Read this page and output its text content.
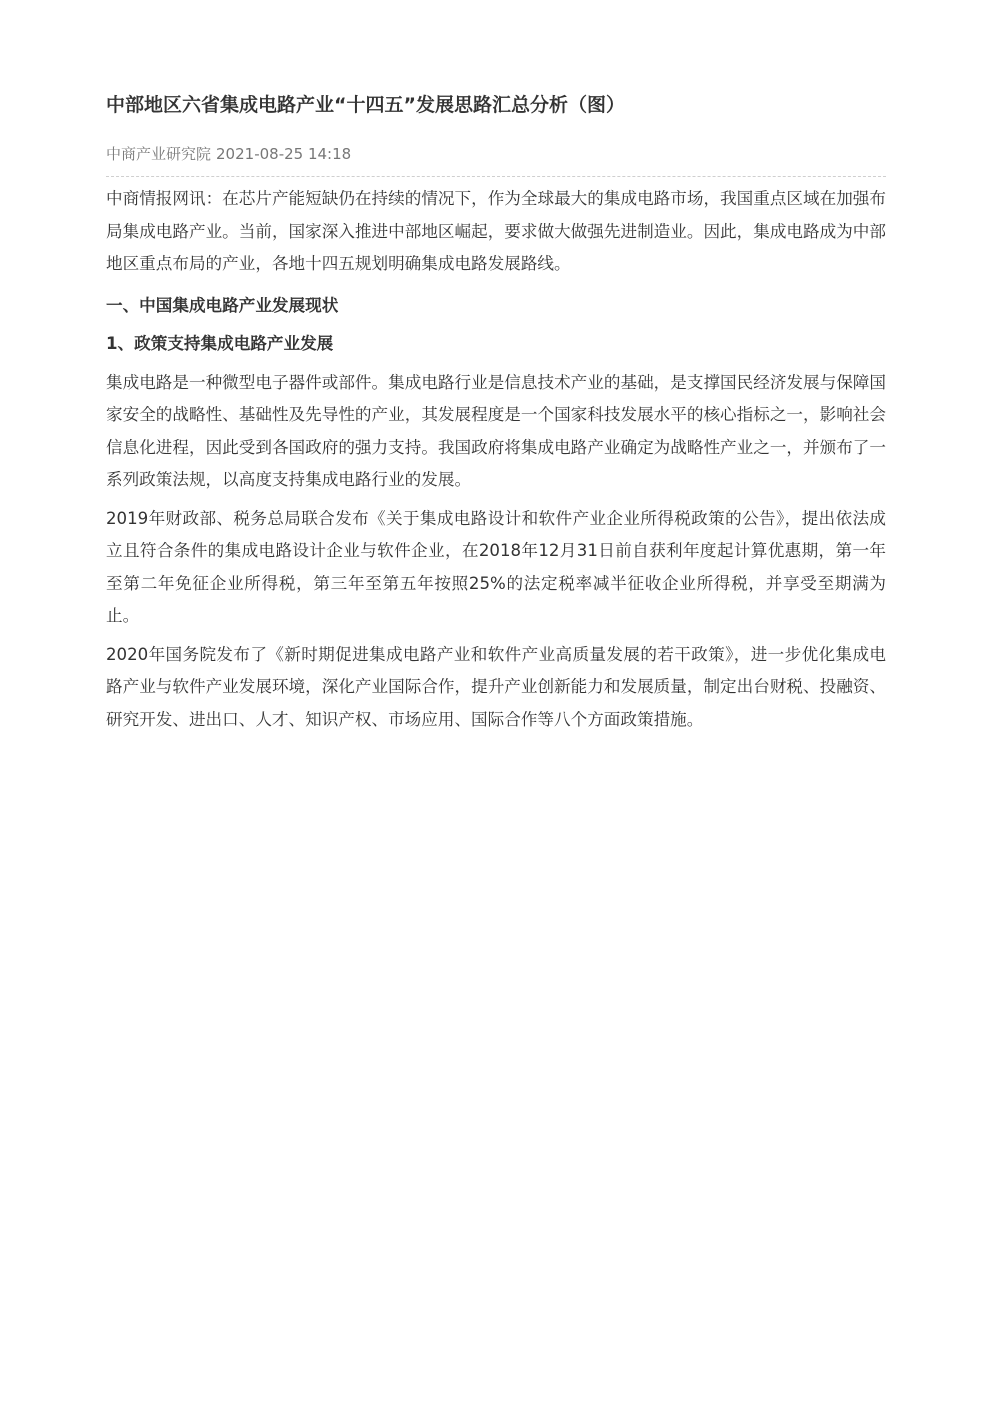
中部地区六省集成电路产业“十四五”发展思路汇总分析（图）
中商产业研究院 2021-08-25 14:18

中商情报网讯：在芯片产能短缺仍在持续的情况下，作为全球最大的集成电路市场，我国重点区域在加强布局集成电路产业。当前，国家深入推进中部地区崛起，要求做大做强先进制造业。因此，集成电路成为中部地区重点布局的产业，各地十四五规划明确集成电路发展路线。

一、中国集成电路产业发展现状
1、政策支持集成电路产业发展

集成电路是一种微型电子器件或部件。集成电路行业是信息技术产业的基础，是支撑国民经济发展与保障国家安全的战略性、基础性及先导性的产业，其发展程度是一个国家科技发展水平的核心指标之一，影响社会信息化进程，因此受到各国政府的强力支持。我国政府将集成电路产业确定为战略性产业之一，并颁布了一系列政策法规，以高度支持集成电路行业的发展。

2019年财政部、税务总局联合发布《关于集成电路设计和软件产业企业所得税政策的公告》，提出依法成立且符合条件的集成电路设计企业与软件企业，在2018年12月31日前自获利年度起计算优惠期，第一年至第二年免征企业所得税，第三年至第五年按照25%的法定税率减半征收企业所得税，并享受至期满为止。

2020年国务院发布了《新时期促进集成电路产业和软件产业高质量发展的若干政策》，进一步优化集成电路产业与软件产业发展环境，深化产业国际合作，提升产业创新能力和发展质量，制定出台财税、投融资、研究开发、进出口、人才、知识产权、市场应用、国际合作等八个方面政策措施。
